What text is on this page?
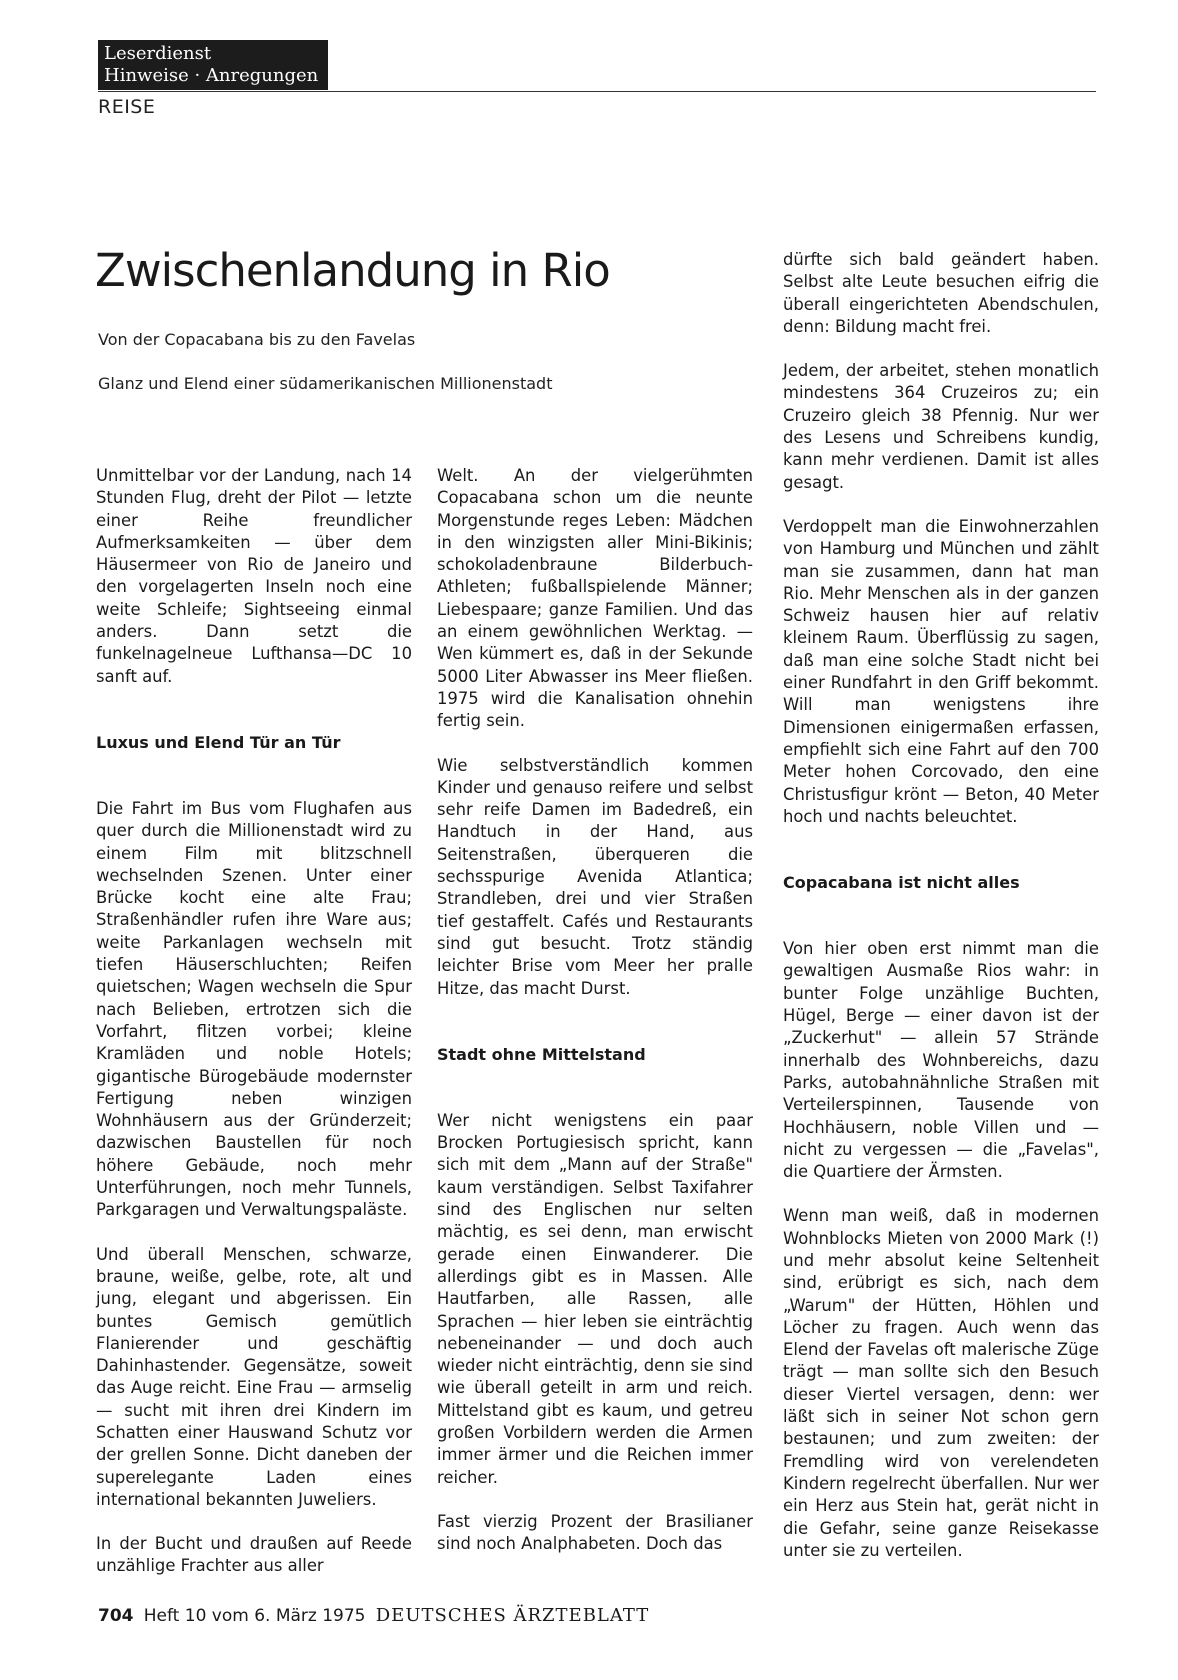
Leserdienst
Hinweise · Anregungen
REISE
Zwischenlandung in Rio
Von der Copacabana bis zu den Favelas
Glanz und Elend einer südamerikanischen Millionenstadt

Unmittelbar vor der Landung, nach 14 Stunden Flug, dreht der Pilot — letzte einer Reihe freundlicher Aufmerksamkeiten — über dem Häusermeer von Rio de Janeiro und den vorgelagerten Inseln noch eine weite Schleife; Sightseeing einmal anders. Dann setzt die funkelnagelneue Lufthansa—DC 10 sanft auf.

Luxus und Elend Tür an Tür

Die Fahrt im Bus vom Flughafen aus quer durch die Millionenstadt wird zu einem Film mit blitzschnell wechselnden Szenen. Unter einer Brücke kocht eine alte Frau; Straßenhändler rufen ihre Ware aus; weite Parkanlagen wechseln mit tiefen Häuserschluchten; Reifen quietschen; Wagen wechseln die Spur nach Belieben, ertrotzen sich die Vorfahrt, flitzen vorbei; kleine Kramläden und noble Hotels; gigantische Bürogebäude modernster Fertigung neben winzigen Wohnhäusern aus der Gründerzeit; dazwischen Baustellen für noch höhere Gebäude, noch mehr Unterführungen, noch mehr Tunnels, Parkgaragen und Verwaltungspaläste.

Und überall Menschen, schwarze, braune, weiße, gelbe, rote, alt und jung, elegant und abgerissen. Ein buntes Gemisch gemütlich Flanierender und geschäftig Dahinhastender. Gegensätze, soweit das Auge reicht. Eine Frau — armselig — sucht mit ihren drei Kindern im Schatten einer Hauswand Schutz vor der grellen Sonne. Dicht daneben der superelegante Laden eines international bekannten Juweliers.

In der Bucht und draußen auf Reede unzählige Frachter aus aller

Welt. An der vielgerühmten Copacabana schon um die neunte Morgenstunde reges Leben: Mädchen in den winzigsten aller Mini-Bikinis; schokoladenbraune Bilderbuch-Athleten; fußballspielende Männer; Liebespaare; ganze Familien. Und das an einem gewöhnlichen Werktag. — Wen kümmert es, daß in der Sekunde 5000 Liter Abwasser ins Meer fließen. 1975 wird die Kanalisation ohnehin fertig sein.

Wie selbstverständlich kommen Kinder und genauso reifere und selbst sehr reife Damen im Badedreß, ein Handtuch in der Hand, aus Seitenstraßen, überqueren die sechsspurige Avenida Atlantica; Strandleben, drei und vier Straßen tief gestaffelt. Cafés und Restaurants sind gut besucht. Trotz ständig leichter Brise vom Meer her pralle Hitze, das macht Durst.

Stadt ohne Mittelstand

Wer nicht wenigstens ein paar Brocken Portugiesisch spricht, kann sich mit dem „Mann auf der Straße" kaum verständigen. Selbst Taxifahrer sind des Englischen nur selten mächtig, es sei denn, man erwischt gerade einen Einwanderer. Die allerdings gibt es in Massen. Alle Hautfarben, alle Rassen, alle Sprachen — hier leben sie einträchtig nebeneinander — und doch auch wieder nicht einträchtig, denn sie sind wie überall geteilt in arm und reich. Mittelstand gibt es kaum, und getreu großen Vorbildern werden die Armen immer ärmer und die Reichen immer reicher.

Fast vierzig Prozent der Brasilianer sind noch Analphabeten. Doch das

dürfte sich bald geändert haben. Selbst alte Leute besuchen eifrig die überall eingerichteten Abendschulen, denn: Bildung macht frei.

Jedem, der arbeitet, stehen monatlich mindestens 364 Cruzeiros zu; ein Cruzeiro gleich 38 Pfennig. Nur wer des Lesens und Schreibens kundig, kann mehr verdienen. Damit ist alles gesagt.

Verdoppelt man die Einwohnerzahlen von Hamburg und München und zählt man sie zusammen, dann hat man Rio. Mehr Menschen als in der ganzen Schweiz hausen hier auf relativ kleinem Raum. Überflüssig zu sagen, daß man eine solche Stadt nicht bei einer Rundfahrt in den Griff bekommt. Will man wenigstens ihre Dimensionen einigermaßen erfassen, empfiehlt sich eine Fahrt auf den 700 Meter hohen Corcovado, den eine Christusfigur krönt — Beton, 40 Meter hoch und nachts beleuchtet.

Copacabana ist nicht alles

Von hier oben erst nimmt man die gewaltigen Ausmaße Rios wahr: in bunter Folge unzählige Buchten, Hügel, Berge — einer davon ist der „Zuckerhut" — allein 57 Strände innerhalb des Wohnbereichs, dazu Parks, autobahnähnliche Straßen mit Verteilerspinnen, Tausende von Hochhäusern, noble Villen und — nicht zu vergessen — die „Favelas", die Quartiere der Ärmsten.

Wenn man weiß, daß in modernen Wohnblocks Mieten von 2000 Mark (!) und mehr absolut keine Seltenheit sind, erübrigt es sich, nach dem „Warum" der Hütten, Höhlen und Löcher zu fragen. Auch wenn das Elend der Favelas oft malerische Züge trägt — man sollte sich den Besuch dieser Viertel versagen, denn: wer läßt sich in seiner Not schon gern bestaunen; und zum zweiten: der Fremdling wird von verelendeten Kindern regelrecht überfallen. Nur wer ein Herz aus Stein hat, gerät nicht in die Gefahr, seine ganze Reisekasse unter sie zu verteilen.

704 Heft 10 vom 6. März 1975 DEUTSCHES ÄRZTEBLATT
